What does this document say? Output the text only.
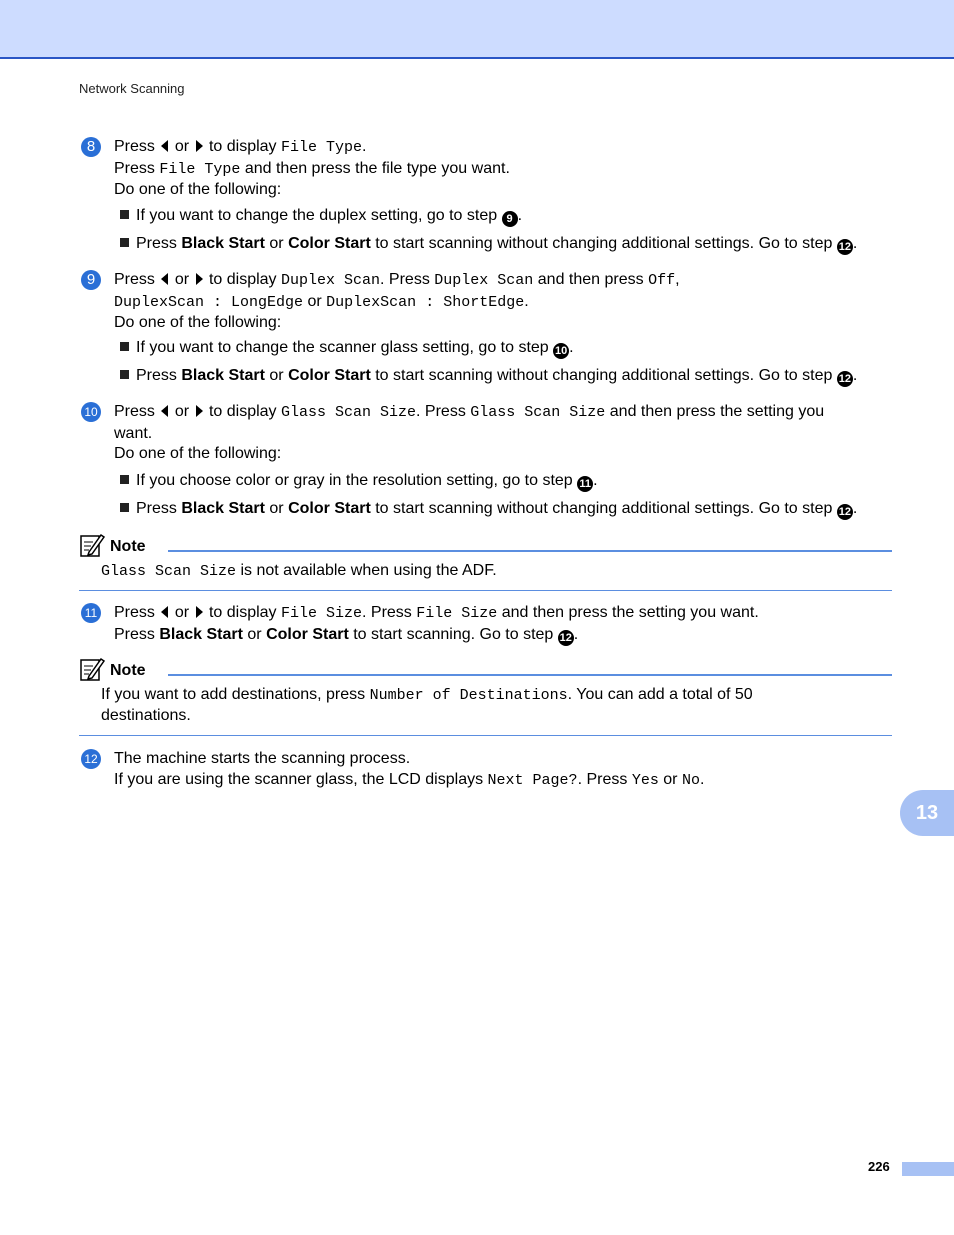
Network Scanning
8	Press or to display File Type.
Press File Type and then press the file type you want.
Do one of the following:
If you want to change the duplex setting, go to step 9 .
Press Black Start or Color Start to start scanning without changing additional settings. Go to step 12 .
9	Press or to display Duplex Scan. Press Duplex Scan and then press Off,
DuplexScan : LongEdge or DuplexScan : ShortEdge.
Do one of the following:
If you want to change the scanner glass setting, go to step 10 .
Press Black Start or Color Start to start scanning without changing additional settings. Go to step 12 .
10 Press or to display Glass Scan Size. Press Glass Scan Size and then press the setting you
want.
Do one of the following:
If you choose color or gray in the resolution setting, go to step 11 .
Press Black Start or Color Start to start scanning without changing additional settings. Go to step 12 .
Note
Glass Scan Size is not available when using the ADF.
11 Press or to display File Size. Press File Size and then press the setting you want.
Press Black Start or Color Start to start scanning. Go to step 12 .
Note
If you want to add destinations, press Number of Destinations. You can add a total of 50
destinations.
12 The machine starts the scanning process.
If you are using the scanner glass, the LCD displays Next Page?. Press Yes or No.
13
226
